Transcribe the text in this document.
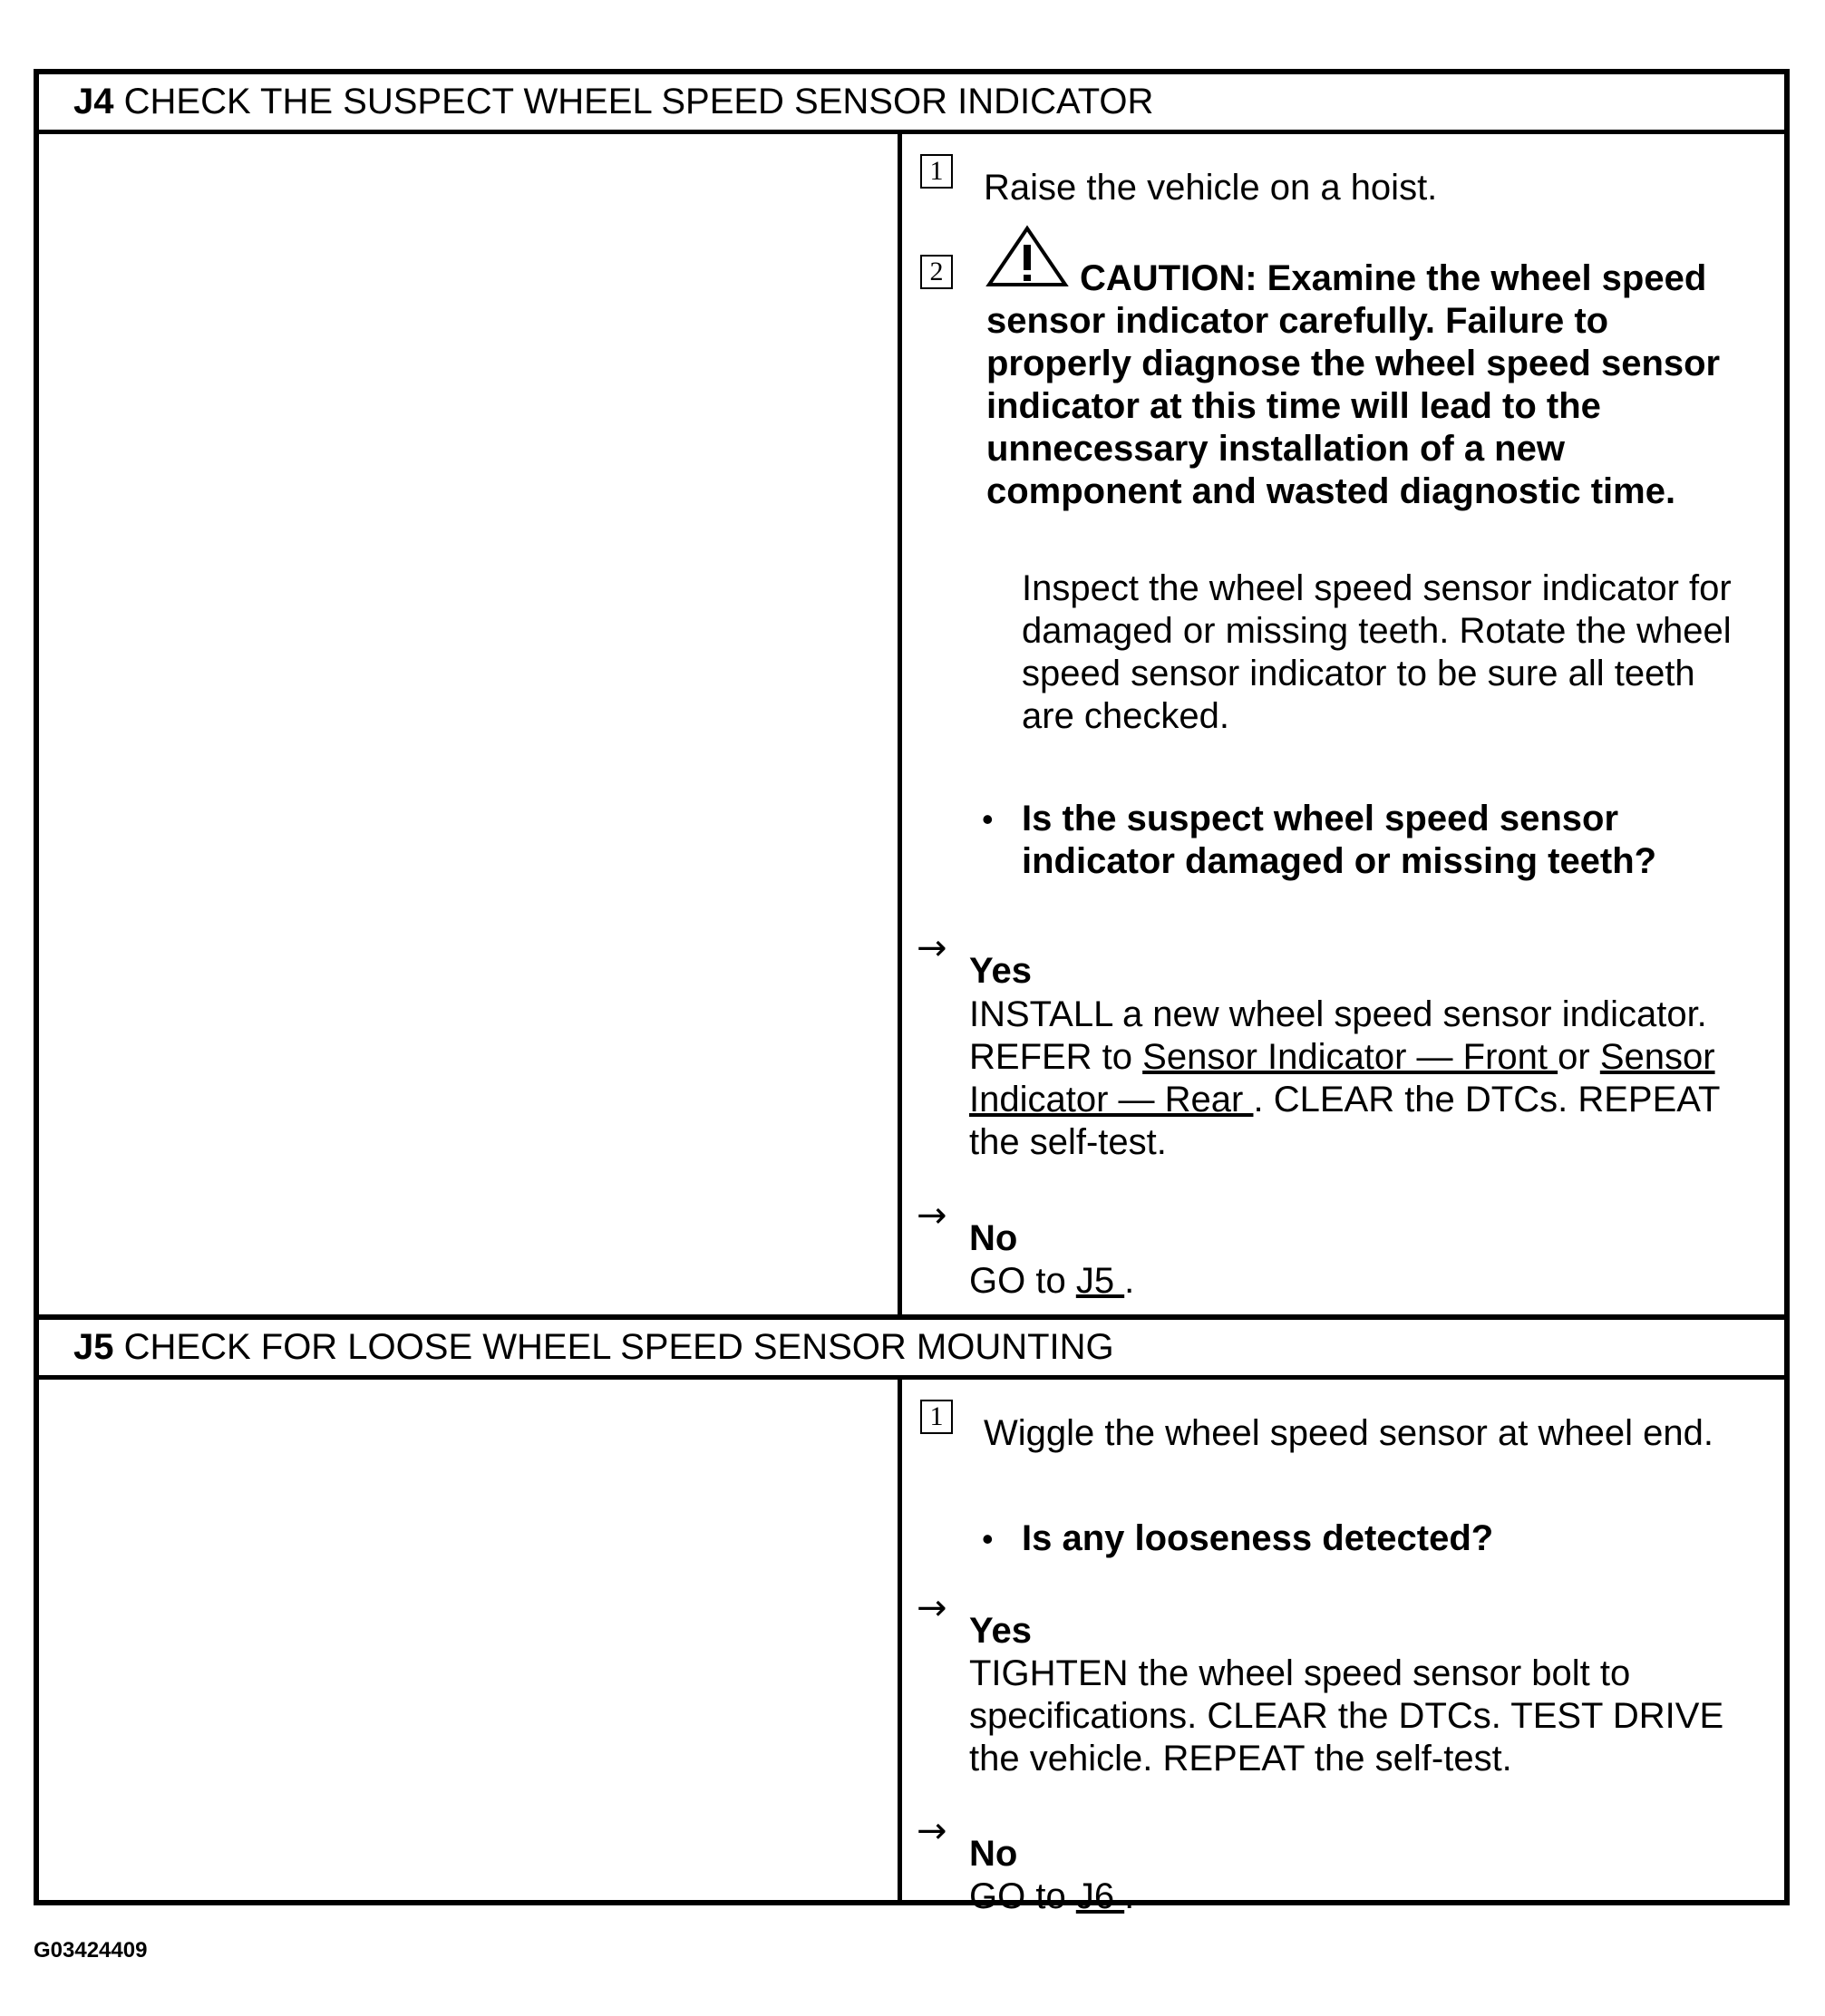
J4 CHECK THE SUSPECT WHEEL SPEED SENSOR INDICATOR
1 Raise the vehicle on a hoist.
2	CAUTION: Examine the wheel speed
sensor indicator carefully. Failure to
properly diagnose the wheel speed sensor
indicator at this time will lead to the
unnecessary installation of a new
component and wasted diagnostic time.
Inspect the wheel speed sensor indicator for
damaged or missing teeth. Rotate the wheel
speed sensor indicator to be sure all teeth
are checked.
• Is the suspect wheel speed sensor
indicator damaged or missing teeth?
→
Yes
INSTALL a new wheel speed sensor indicator.
REFER to Sensor Indicator — Front or Sensor
Indicator — Rear . CLEAR the DTCs. REPEAT
the self-test.
→
No
GO to J5 .
J5 CHECK FOR LOOSE WHEEL SPEED SENSOR MOUNTING
1 Wiggle the wheel speed sensor at wheel end.
• Is any looseness detected?
→
Yes
TIGHTEN the wheel speed sensor bolt to
specifications. CLEAR the DTCs. TEST DRIVE
the vehicle. REPEAT the self-test.
→
No
GO to J6 .
G03424409
